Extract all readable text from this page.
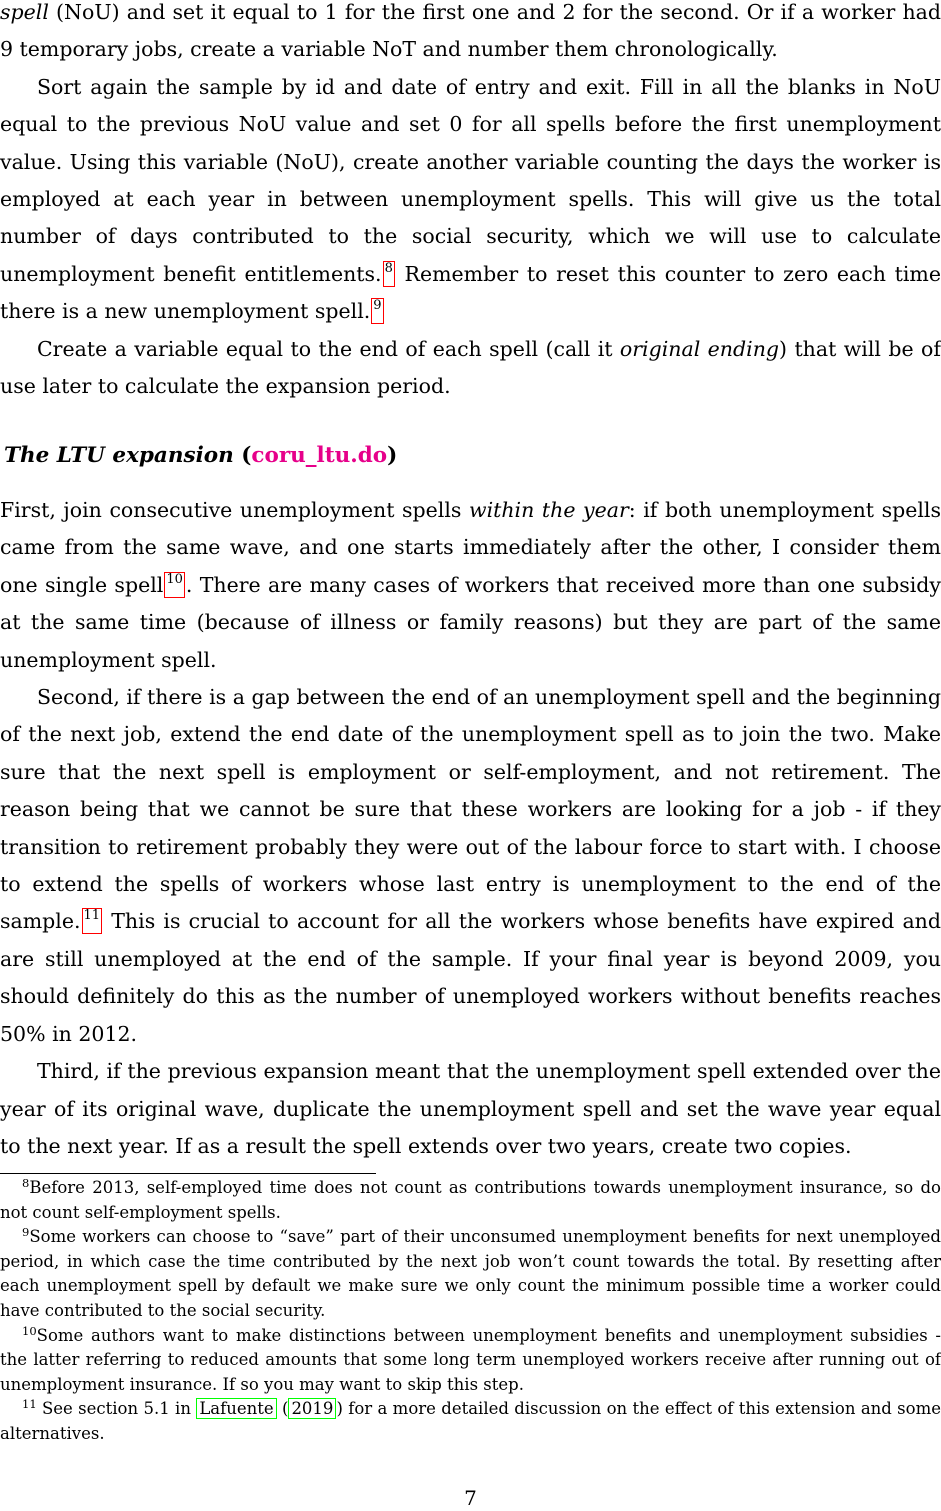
spell (NoU) and set it equal to 1 for the first one and 2 for the second. Or if a worker had 9 temporary jobs, create a variable NoT and number them chronologically.

Sort again the sample by id and date of entry and exit. Fill in all the blanks in NoU equal to the previous NoU value and set 0 for all spells before the first unemployment value. Using this variable (NoU), create another variable counting the days the worker is employed at each year in between unemployment spells. This will give us the total number of days contributed to the social security, which we will use to calculate unemployment benefit entitlements. $^8$ Remember to reset this counter to zero each time there is a new unemployment spell. $^9$

Create a variable equal to the end of each spell (call it original ending) that will be of use later to calculate the expansion period.

The LTU expansion (coru_ltu.do)

First, join consecutive unemployment spells within the year: if both unemployment spells came from the same wave, and one starts immediately after the other, I consider them one single spell $^{10}$ . There are many cases of workers that received more than one subsidy at the same time (because of illness or family reasons) but they are part of the same unemployment spell.

Second, if there is a gap between the end of an unemployment spell and the beginning of the next job, extend the end date of the unemployment spell as to join the two. Make sure that the next spell is employment or self-employment, and not retirement. The reason being that we cannot be sure that these workers are looking for a job - if they transition to retirement probably they were out of the labour force to start with. I choose to extend the spells of workers whose last entry is unemployment to the end of the sample. $^{11}$ This is crucial to account for all the workers whose benefits have expired and are still unemployed at the end of the sample. If your final year is beyond 2009, you should definitely do this as the number of unemployed workers without benefits reaches 50% in 2012.

Third, if the previous expansion meant that the unemployment spell extended over the year of its original wave, duplicate the unemployment spell and set the wave year equal to the next year. If as a result the spell extends over two years, create two copies.

$^8$Before 2013, self-employed time does not count as contributions towards unemployment insurance, so do not count self-employment spells.

$^9$Some workers can choose to “save” part of their unconsumed unemployment benefits for next unemployed period, in which case the time contributed by the next job won’t count towards the total. By resetting after each unemployment spell by default we make sure we only count the minimum possible time a worker could have contributed to the social security.

$^{10}$Some authors want to make distinctions between unemployment benefits and unemployment subsidies - the latter referring to reduced amounts that some long term unemployed workers receive after running out of unemployment insurance. If so you may want to skip this step.

$^{11}$ See section 5.1 in Lafuente ( 2019 ) for a more detailed discussion on the effect of this extension and some alternatives.

7
